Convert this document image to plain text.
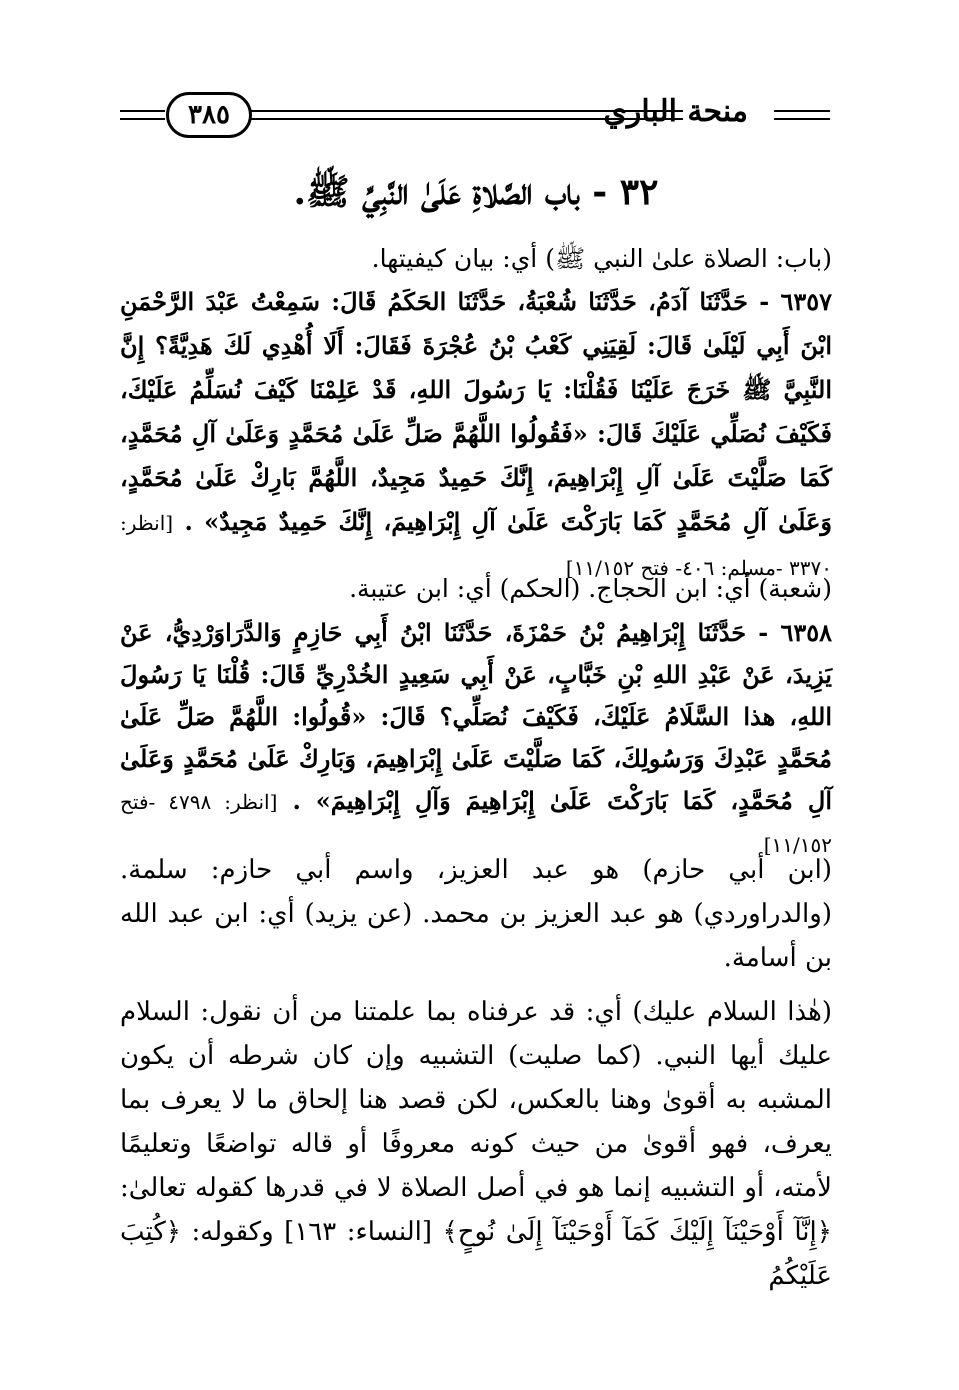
٣٨٥	منحة الباري
٣٢ - باب الصَّلاةِ عَلَىٰ النَّبِيِّ ﷺ.
(باب: الصلاة علىٰ النبي ﷺ) أي: بيان كيفيتها.
٦٣٥٧ - حَدَّثَنَا آدَمُ، حَدَّثَنَا شُعْبَةُ، حَدَّثَنَا الحَكَمُ قَالَ: سَمِعْتُ عَبْدَ الرَّحْمَنِ ابْنَ أَبِي لَيْلَىٰ قَالَ: لَقِيَنِي كَعْبُ بْنُ عُجْرَةَ فَقَالَ: أَلَا أُهْدِي لَكَ هَدِيَّةً؟ إِنَّ النَّبِيَّ ﷺ خَرَجَ عَلَيْنَا فَقُلْنَا: يَا رَسُولَ اللهِ، قَدْ عَلِمْنَا كَيْفَ نُسَلِّمُ عَلَيْكَ، فَكَيْفَ نُصَلِّي عَلَيْكَ قَالَ: «فَقُولُوا اللَّهُمَّ صَلِّ عَلَىٰ مُحَمَّدٍ وَعَلَىٰ آلِ مُحَمَّدٍ، كَمَا صَلَّيْتَ عَلَىٰ آلِ إِبْرَاهِيمَ، إِنَّكَ حَمِيدٌ مَجِيدٌ، اللَّهُمَّ بَارِكْ عَلَىٰ مُحَمَّدٍ، وَعَلَىٰ آلِ مُحَمَّدٍ كَمَا بَارَكْتَ عَلَىٰ آلِ إِبْرَاهِيمَ، إِنَّكَ حَمِيدٌ مَجِيدٌ» . [انظر: ٣٣٧٠ -مسلم: ٤٠٦- فتح ١١/١٥٢]
(شعبة) أي: ابن الحجاج. (الحكم) أي: ابن عتيبة.
٦٣٥٨ - حَدَّثَنَا إِبْرَاهِيمُ بْنُ حَمْزَةَ، حَدَّثَنَا ابْنُ أَبِي حَازِمٍ وَالدَّرَاوَرْدِيُّ، عَنْ يَزِيدَ، عَنْ عَبْدِ اللهِ بْنِ خَبَّابٍ، عَنْ أَبِي سَعِيدٍ الخُدْرِيِّ قَالَ: قُلْنَا يَا رَسُولَ اللهِ، هذا السَّلَامُ عَلَيْكَ، فَكَيْفَ نُصَلِّي؟ قَالَ: «قُولُوا: اللَّهُمَّ صَلِّ عَلَىٰ مُحَمَّدٍ عَبْدِكَ وَرَسُولِكَ، كَمَا صَلَّيْتَ عَلَىٰ إِبْرَاهِيمَ، وَبَارِكْ عَلَىٰ مُحَمَّدٍ وَعَلَىٰ آلِ مُحَمَّدٍ، كَمَا بَارَكْتَ عَلَىٰ إِبْرَاهِيمَ وَآلِ إِبْرَاهِيمَ» . [انظر: ٤٧٩٨ -فتح ١١/١٥٢]
(ابن أبي حازم) هو عبد العزيز، واسم أبي حازم: سلمة. (والدراوردي) هو عبد العزيز بن محمد. (عن يزيد) أي: ابن عبد الله بن أسامة.
(هٰذا السلام عليك) أي: قد عرفناه بما علمتنا من أن نقول: السلام عليك أيها النبي. (كما صليت) التشبيه وإن كان شرطه أن يكون المشبه به أقوىٰ وهنا بالعكس، لكن قصد هنا إلحاق ما لا يعرف بما يعرف، فهو أقوىٰ من حيث كونه معروفًا أو قاله تواضعًا وتعليمًا لأمته، أو التشبيه إنما هو في أصل الصلاة لا في قدرها كقوله تعالىٰ: ﴿إِنَّآ أَوْحَيْنَآ إِلَيْكَ كَمَآ أَوْحَيْنَآ إِلَىٰ نُوحٍ﴾ [النساء: ١٦٣] وكقوله: ﴿كُتِبَ عَلَيْكُمُ
